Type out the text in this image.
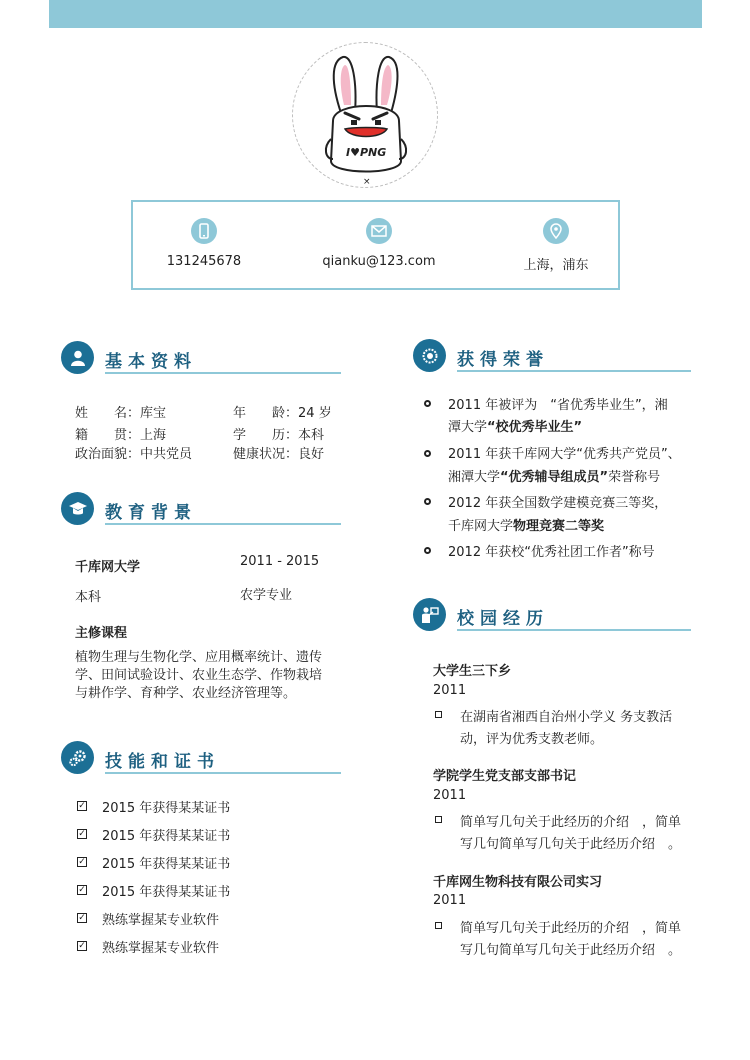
×
I♥PNG
131245678	qianku@123.com	上海，浦东
基本资料
姓　　名：库宝	年　　龄：24 岁
籍　　贯：上海	学　　历：本科
政治面貌：中共党员	健康状况：良好
教育背景
千库网大学	2011 - 2015
本科	农学专业
主修课程
植物生理与生物化学、应用概率统计、遗传
学、田间试验设计、农业生态学、作物栽培
与耕作学、育种学、农业经济管理等。
技能和证书
✓ 2015 年获得某某证书
✓ 2015 年获得某某证书
✓ 2015 年获得某某证书
✓ 2015 年获得某某证书
✓ 熟练掌握某专业软件
✓ 熟练掌握某专业软件
获得荣誉
2011 年被评为　“省优秀毕业生”，湘
潭大学“校优秀毕业生”
2011 年获千库网大学“优秀共产党员”、
湘潭大学“优秀辅导组成员”荣誉称号
2012 年获全国数学建模竞赛三等奖，
千库网大学物理竞赛二等奖
2012 年获校“优秀社团工作者”称号
校园经历
大学生三下乡
2011
在湖南省湘西自治州小学义 务支教活
动，评为优秀支教老师。
学院学生党支部支部书记
2011
简单写几句关于此经历的介绍　，简单
写几句简单写几句关于此经历介绍　。
千库网生物科技有限公司实习
2011
简单写几句关于此经历的介绍　，简单
写几句简单写几句关于此经历介绍　。
